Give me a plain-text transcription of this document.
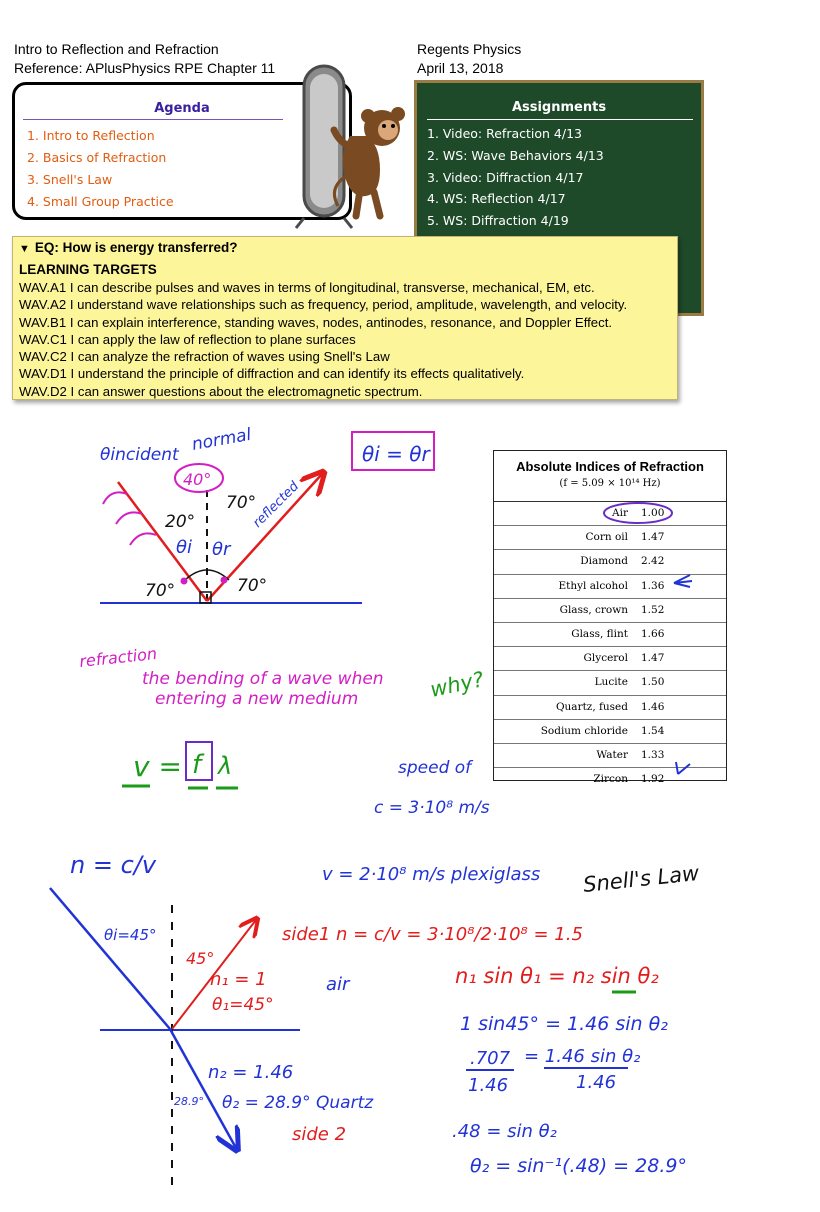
Intro to Reflection and Refraction
Reference: APlusPhysics RPE Chapter 11
Regents Physics
April 13, 2018
Agenda
1. Intro to Reflection
2. Basics of Refraction
3. Snell's Law
4. Small Group Practice
Assignments
1. Video: Refraction 4/13
2. WS: Wave Behaviors 4/13
3. Video: Diffraction 4/17
4. WS: Reflection 4/17
5. WS: Diffraction 4/19
▼ EQ: How is energy transferred?
LEARNING TARGETS
WAV.A1 I can describe pulses and waves in terms of longitudinal, transverse, mechanical, EM, etc.
WAV.A2 I understand wave relationships such as frequency, period, amplitude, wavelength, and velocity.
WAV.B1 I can explain interference, standing waves, nodes, antinodes, resonance, and Doppler Effect.
WAV.C1 I can apply the law of reflection to plane surfaces
WAV.C2 I can analyze the refraction of waves using Snell's Law
WAV.D1 I understand the principle of diffraction and can identify its effects qualitatively.
WAV.D2 I can answer questions about the electromagnetic spectrum.
Absolute Indices of Refraction
(f = 5.09 × 10¹⁴ Hz)
Air 1.00
Corn oil 1.47
Diamond 2.42
Ethyl alcohol 1.36
Glass, crown 1.52
Glass, flint 1.66
Glycerol 1.47
Lucite 1.50
Quartz, fused 1.46
Sodium chloride 1.54
Water 1.33
Zircon 1.92
θincident
normal
40°
20°
70°
θi θr
reflected
70°	70°
θi = θr
refraction
the bending of a wave when
entering a new medium	why?
v = f λ	speed of
c = 3·10⁸ m/s
n = c/v
θi=45°
45°
n₁ = 1
θ₁=45°
air
n₂ = 1.46
θ₂ = 28.9° Quartz
28.9°
side 2
v = 2·10⁸ m/s plexiglass
side1 n = c/v = 3·10⁸/2·10⁸ = 1.5
Snell's Law
n₁ sin θ₁ = n₂ sin θ₂
1 sin45° = 1.46 sin θ₂
.707
1.46
= 1.46 sin θ₂
1.46
.48 = sin θ₂
θ₂ = sin⁻¹(.48) = 28.9°
